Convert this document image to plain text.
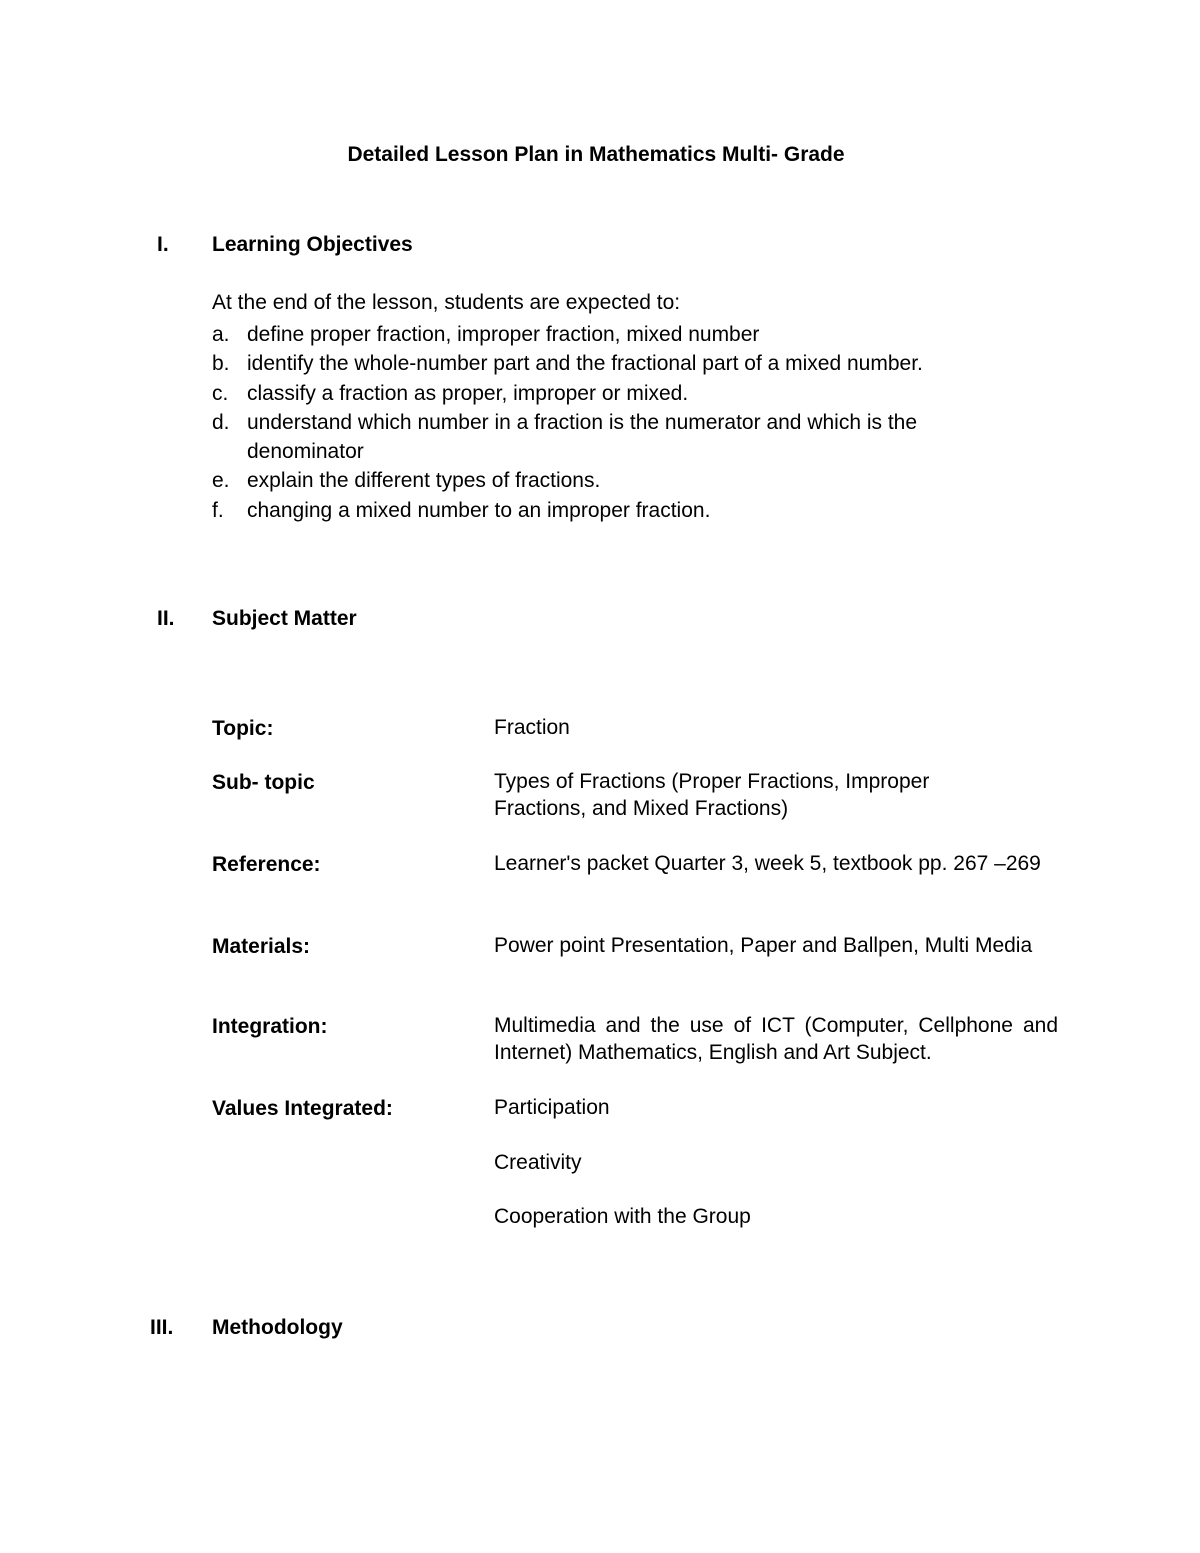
Detailed Lesson Plan in Mathematics Multi- Grade
I. Learning Objectives
At the end of the lesson, students are expected to:
a. define proper fraction, improper fraction, mixed number
b. identify the whole-number part and the fractional part of a mixed number.
c. classify a fraction as proper, improper or mixed.
d. understand which number in a fraction is the numerator and which is the denominator
e. explain the different types of fractions.
f.	changing a mixed number to an improper fraction.
II. Subject Matter
Topic:	Fraction
Sub- topic	Types of Fractions (Proper Fractions, Improper Fractions, and Mixed Fractions)
Reference:	Learner's packet Quarter 3, week 5, textbook pp. 267 –269
Materials:	Power point Presentation, Paper and Ballpen, Multi Media
Integration:	Multimedia and the use of ICT (Computer, Cellphone and Internet) Mathematics, English and Art Subject.
Values Integrated:	Participation
Creativity
Cooperation with the Group
III. Methodology
